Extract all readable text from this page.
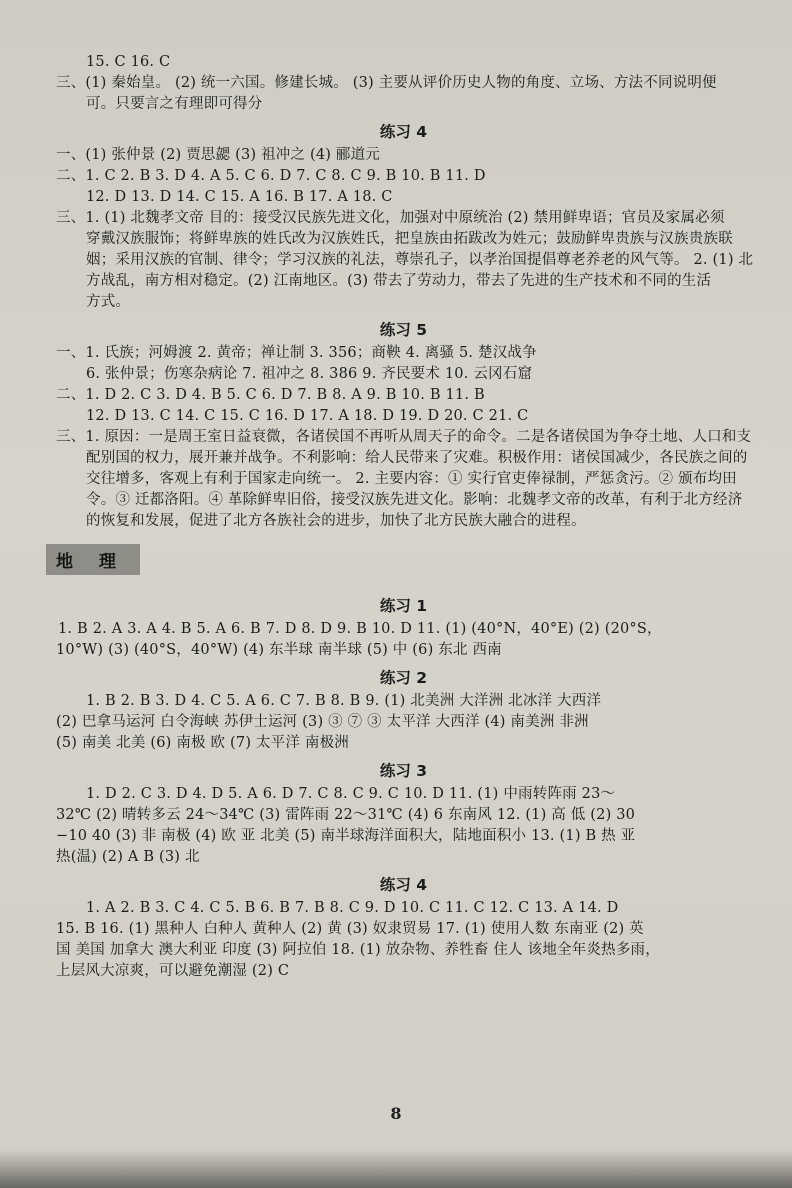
15. C 16. C
三、(1) 秦始皇。 (2) 统一六国。修建长城。 (3) 主要从评价历史人物的角度、立场、方法不同说明便
可。只要言之有理即可得分
练习 4
一、(1) 张仲景 (2) 贾思勰 (3) 祖冲之 (4) 郦道元
二、1. C 2. B 3. D 4. A 5. C 6. D 7. C 8. C 9. B 10. B 11. D
12. D 13. D 14. C 15. A 16. B 17. A 18. C
三、1. (1) 北魏孝文帝 目的：接受汉民族先进文化，加强对中原统治 (2) 禁用鲜卑语；官员及家属必须
穿戴汉族服饰；将鲜卑族的姓氏改为汉族姓氏，把皇族由拓跋改为姓元；鼓励鲜卑贵族与汉族贵族联
姻；采用汉族的官制、律令；学习汉族的礼法，尊崇孔子，以孝治国提倡尊老养老的风气等。 2. (1) 北
方战乱，南方相对稳定。(2) 江南地区。(3) 带去了劳动力，带去了先进的生产技术和不同的生活
方式。
练习 5
一、1. 氏族；河姆渡 2. 黄帝；禅让制 3. 356；商鞅 4. 离骚 5. 楚汉战争
6. 张仲景；伤寒杂病论 7. 祖冲之 8. 386 9. 齐民要术 10. 云冈石窟
二、1. D 2. C 3. D 4. B 5. C 6. D 7. B 8. A 9. B 10. B 11. B
12. D 13. C 14. C 15. C 16. D 17. A 18. D 19. D 20. C 21. C
三、1. 原因：一是周王室日益衰微，各诸侯国不再听从周天子的命令。二是各诸侯国为争夺土地、人口和支
配别国的权力，展开兼并战争。不利影响：给人民带来了灾难。积极作用：诸侯国减少，各民族之间的
交往增多，客观上有利于国家走向统一。 2. 主要内容：① 实行官吏俸禄制，严惩贪污。② 颁布均田
令。③ 迁都洛阳。④ 革除鲜卑旧俗，接受汉族先进文化。影响：北魏孝文帝的改革，有利于北方经济
的恢复和发展，促进了北方各族社会的进步，加快了北方民族大融合的进程。
地 理
练习 1
1. B 2. A 3. A 4. B 5. A 6. B 7. D 8. D 9. B 10. D 11. (1) (40°N，40°E) (2) (20°S，
10°W) (3) (40°S，40°W) (4) 东半球 南半球 (5) 中 (6) 东北 西南
练习 2
1. B 2. B 3. D 4. C 5. A 6. C 7. B 8. B 9. (1) 北美洲 大洋洲 北冰洋 大西洋
(2) 巴拿马运河 白令海峡 苏伊士运河 (3) ③ ⑦ ③ 太平洋 大西洋 (4) 南美洲 非洲
(5) 南美 北美 (6) 南极 欧 (7) 太平洋 南极洲
练习 3
1. D 2. C 3. D 4. D 5. A 6. D 7. C 8. C 9. C 10. D 11. (1) 中雨转阵雨 23～
32℃ (2) 晴转多云 24～34℃ (3) 雷阵雨 22～31℃ (4) 6 东南风 12. (1) 高 低 (2) 30
−10 40 (3) 非 南极 (4) 欧 亚 北美 (5) 南半球海洋面积大，陆地面积小 13. (1) B 热 亚
热(温) (2) A B (3) 北
练习 4
1. A 2. B 3. C 4. C 5. B 6. B 7. B 8. C 9. D 10. C 11. C 12. C 13. A 14. D
15. B 16. (1) 黑种人 白种人 黄种人 (2) 黄 (3) 奴隶贸易 17. (1) 使用人数 东南亚 (2) 英
国 美国 加拿大 澳大利亚 印度 (3) 阿拉伯 18. (1) 放杂物、养牲畜 住人 该地全年炎热多雨，
上层风大凉爽，可以避免潮湿 (2) C
8
